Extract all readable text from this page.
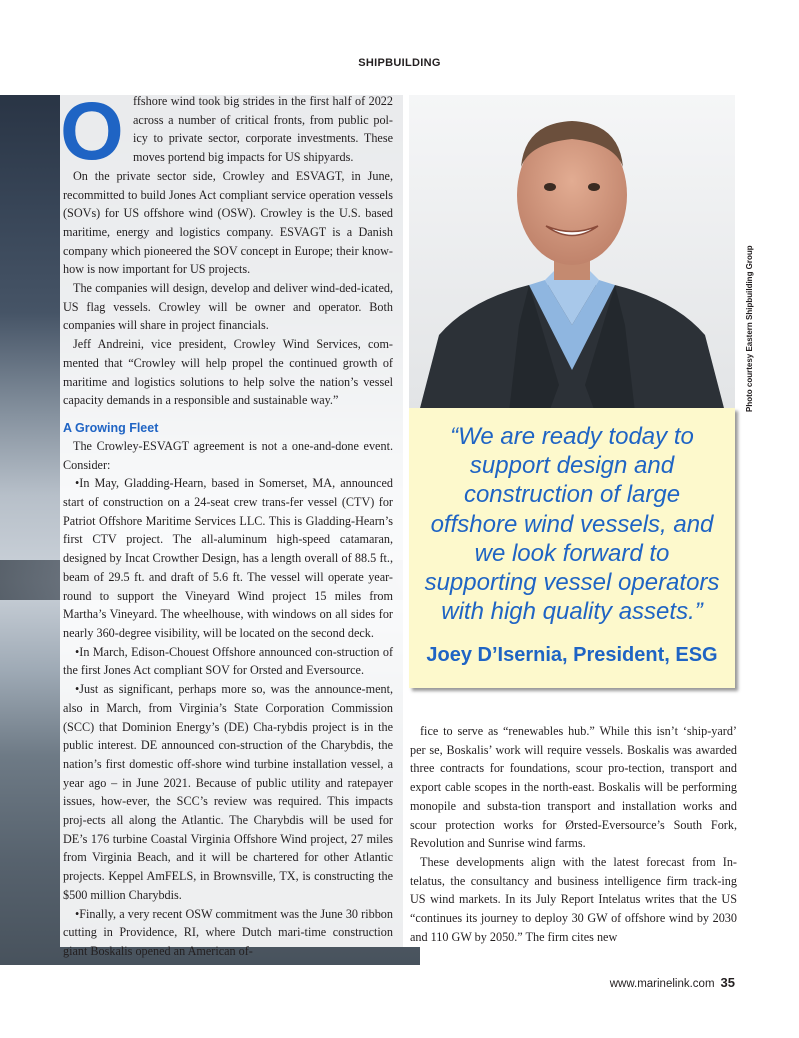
SHIPBUILDING
O ffshore wind took big strides in the first half of 2022 across a number of critical fronts, from public pol-icy to private sector, corporate investments. These moves portend big impacts for US shipyards.

On the private sector side, Crowley and ESVAGT, in June, recommitted to build Jones Act compliant service operation vessels (SOVs) for US offshore wind (OSW). Crowley is the U.S. based maritime, energy and logistics company. ESVAGT is a Danish company which pioneered the SOV concept in Europe; their know-how is now important for US projects.

The companies will design, develop and deliver wind-ded-icated, US flag vessels. Crowley will be owner and operator. Both companies will share in project financials.

Jeff Andreini, vice president, Crowley Wind Services, com-mented that “Crowley will help propel the continued growth of maritime and logistics solutions to help solve the nation’s vessel capacity demands in a responsible and sustainable way.”

A Growing Fleet

The Crowley-ESVAGT agreement is not a one-and-done event. Consider:

•In May, Gladding-Hearn, based in Somerset, MA, announced start of construction on a 24-seat crew trans-fer vessel (CTV) for Patriot Offshore Maritime Services LLC. This is Gladding-Hearn’s first CTV project. The all-aluminum high-speed catamaran, designed by Incat Crowther Design, has a length overall of 88.5 ft., beam of 29.5 ft. and draft of 5.6 ft. The vessel will operate year-round to support the Vineyard Wind project 15 miles from Martha’s Vineyard. The wheelhouse, with windows on all sides for nearly 360-degree visibility, will be located on the second deck.

•In March, Edison-Chouest Offshore announced con-struction of the first Jones Act compliant SOV for Orsted and Eversource.

•Just as significant, perhaps more so, was the announce-ment, also in March, from Virginia’s State Corporation Commission (SCC) that Dominion Energy’s (DE) Cha-rybdis project is in the public interest. DE announced con-struction of the Charybdis, the nation’s first domestic off-shore wind turbine installation vessel, a year ago – in June 2021. Because of public utility and ratepayer issues, how-ever, the SCC’s review was required. This impacts proj-ects all along the Atlantic. The Charybdis will be used for DE’s 176 turbine Coastal Virginia Offshore Wind project, 27 miles from Virginia Beach, and it will be chartered for other Atlantic projects. Keppel AmFELS, in Brownsville, TX, is constructing the $500 million Charybdis.

•Finally, a very recent OSW commitment was the June 30 ribbon cutting in Providence, RI, where Dutch mari-time construction giant Boskalis opened an American of-

Photo courtesy Eastern Shipbuilding Group
“We are ready today to support design and construction of large offshore wind vessels, and we look forward to supporting vessel operators with high quality assets.”
Joey D’Isernia, President, ESG

fice to serve as “renewables hub.” While this isn’t ‘ship-yard’ per se, Boskalis’ work will require vessels. Boskalis was awarded three contracts for foundations, scour pro-tection, transport and export cable scopes in the north-east. Boskalis will be performing monopile and substa-tion transport and installation works and scour protection works for Ørsted-Eversource’s South Fork, Revolution and Sunrise wind farms.

These developments align with the latest forecast from In-telatus, the consultancy and business intelligence firm track-ing US wind markets. In its July Report Intelatus writes that the US “continues its journey to deploy 30 GW of offshore wind by 2030 and 110 GW by 2050.” The firm cites new

www.marinelink.com 35
